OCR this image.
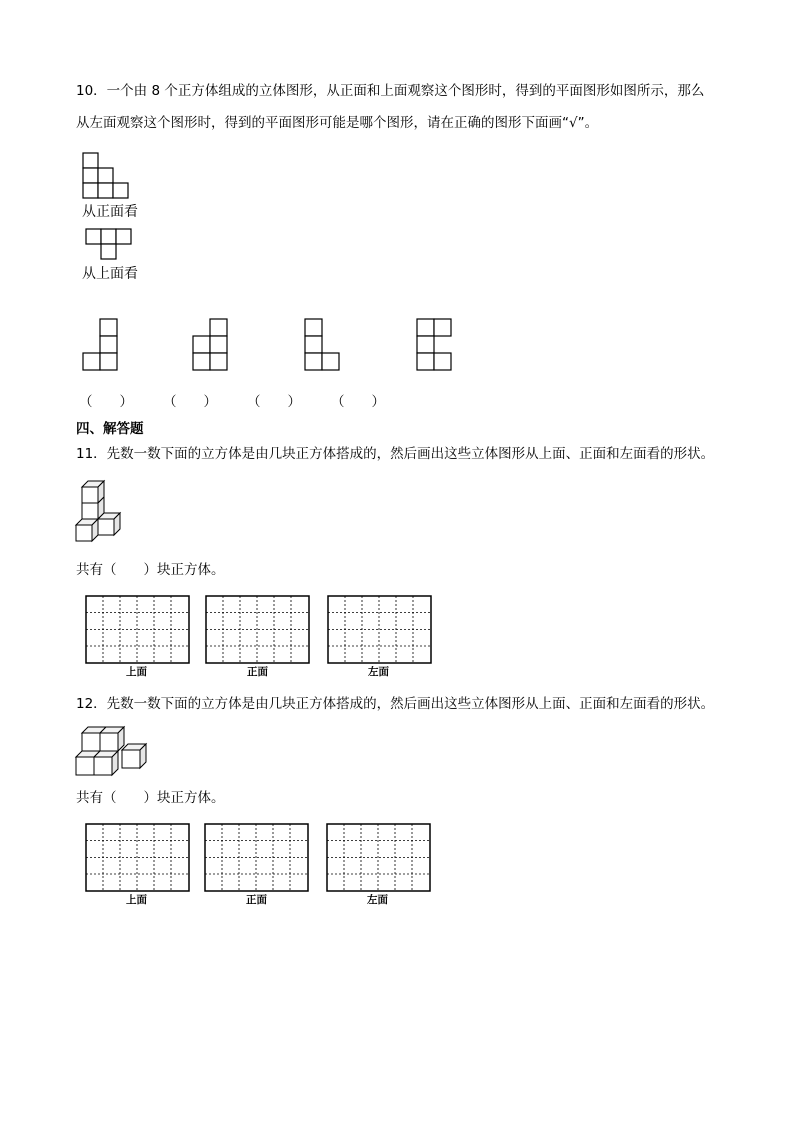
10．一个由 8 个正方体组成的立体图形，从正面和上面观察这个图形时，得到的平面图形如图所示，那么
从左面观察这个图形时，得到的平面图形可能是哪个图形，请在正确的图形下面画“√”。
从正面看
从上面看
（　　） （　　） （　　） （　　）
四、解答题
11．先数一数下面的立方体是由几块正方体搭成的，然后画出这些立体图形从上面、正面和左面看的形状。
共有（　　）块正方体。
上面	正面	左面
12．先数一数下面的立方体是由几块正方体搭成的，然后画出这些立体图形从上面、正面和左面看的形状。
共有（　　）块正方体。
上面	正面	左面
